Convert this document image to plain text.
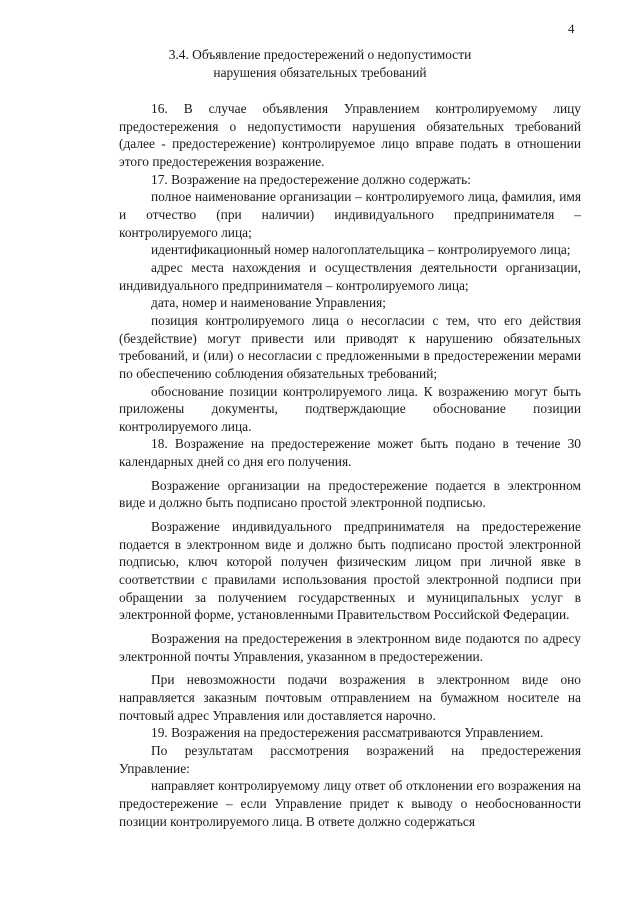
4
3.4. Объявление предостережений о недопустимости
нарушения обязательных требований

16. В случае объявления Управлением контролируемому лицу предостережения о недопустимости нарушения обязательных требований (далее - предостережение) контролируемое лицо вправе подать в отношении этого предостережения возражение.

17. Возражение на предостережение должно содержать:

полное наименование организации – контролируемого лица, фамилия, имя и отчество (при наличии) индивидуального предпринимателя – контролируемого лица;

идентификационный номер налогоплательщика – контролируемого лица;

адрес места нахождения и осуществления деятельности организации, индивидуального предпринимателя – контролируемого лица;

дата, номер и наименование Управления;

позиция контролируемого лица о несогласии с тем, что его действия (бездействие) могут привести или приводят к нарушению обязательных требований, и (или) о несогласии с предложенными в предостережении мерами по обеспечению соблюдения обязательных требований;

обоснование позиции контролируемого лица. К возражению могут быть приложены документы, подтверждающие обоснование позиции контролируемого лица.

18. Возражение на предостережение может быть подано в течение 30 календарных дней со дня его получения.

Возражение организации на предостережение подается в электронном виде и должно быть подписано простой электронной подписью.

Возражение индивидуального предпринимателя на предостережение подается в электронном виде и должно быть подписано простой электронной подписью, ключ которой получен физическим лицом при личной явке в соответствии с правилами использования простой электронной подписи при обращении за получением государственных и муниципальных услуг в электронной форме, установленными Правительством Российской Федерации.

Возражения на предостережения в электронном виде подаются по адресу электронной почты Управления, указанном в предостережении.

При невозможности подачи возражения в электронном виде оно направляется заказным почтовым отправлением на бумажном носителе на почтовый адрес Управления или доставляется нарочно.

19. Возражения на предостережения рассматриваются Управлением.

По результатам рассмотрения возражений на предостережения Управление:

направляет контролируемому лицу ответ об отклонении его возражения на предостережение – если Управление придет к выводу о необоснованности позиции контролируемого лица. В ответе должно содержаться
